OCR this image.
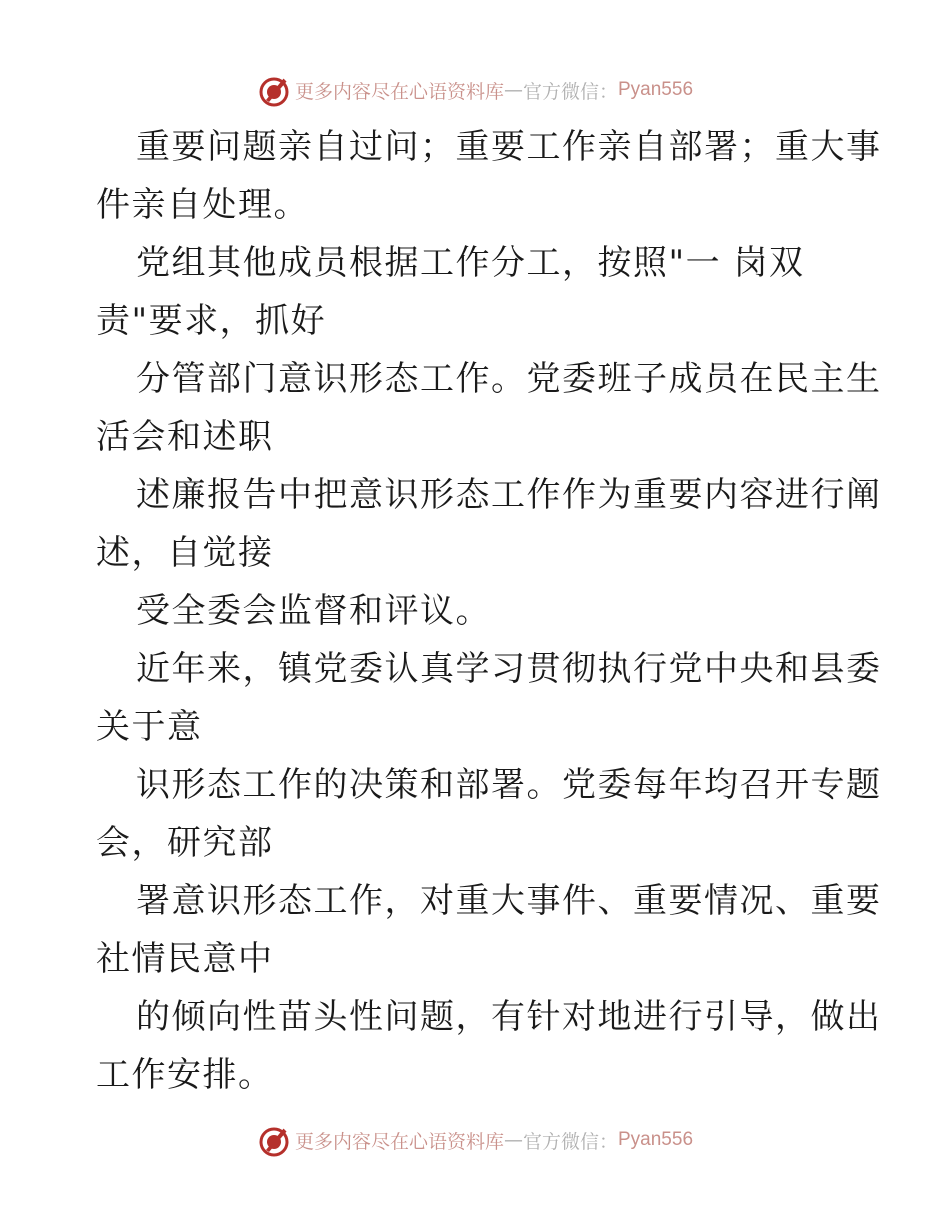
更多内容尽在心语资料库 — 官方微信： Pyan556
重要问题亲自过问；重要工作亲自部署；重大事
件亲自处理。
党组其他成员根据工作分工，按照"一 岗双
责"要求，抓好
分管部门意识形态工作。党委班子成员在民主生
活会和述职
述廉报告中把意识形态工作作为重要内容进行阐
述，自觉接
受全委会监督和评议。
近年来，镇党委认真学习贯彻执行党中央和县委
关于意
识形态工作的决策和部署。党委每年均召开专题
会，研究部
署意识形态工作，对重大事件、重要情况、重要
社情民意中
的倾向性苗头性问题，有针对地进行引导，做出
工作安排。
更多内容尽在心语资料库 — 官方微信： Pyan556
